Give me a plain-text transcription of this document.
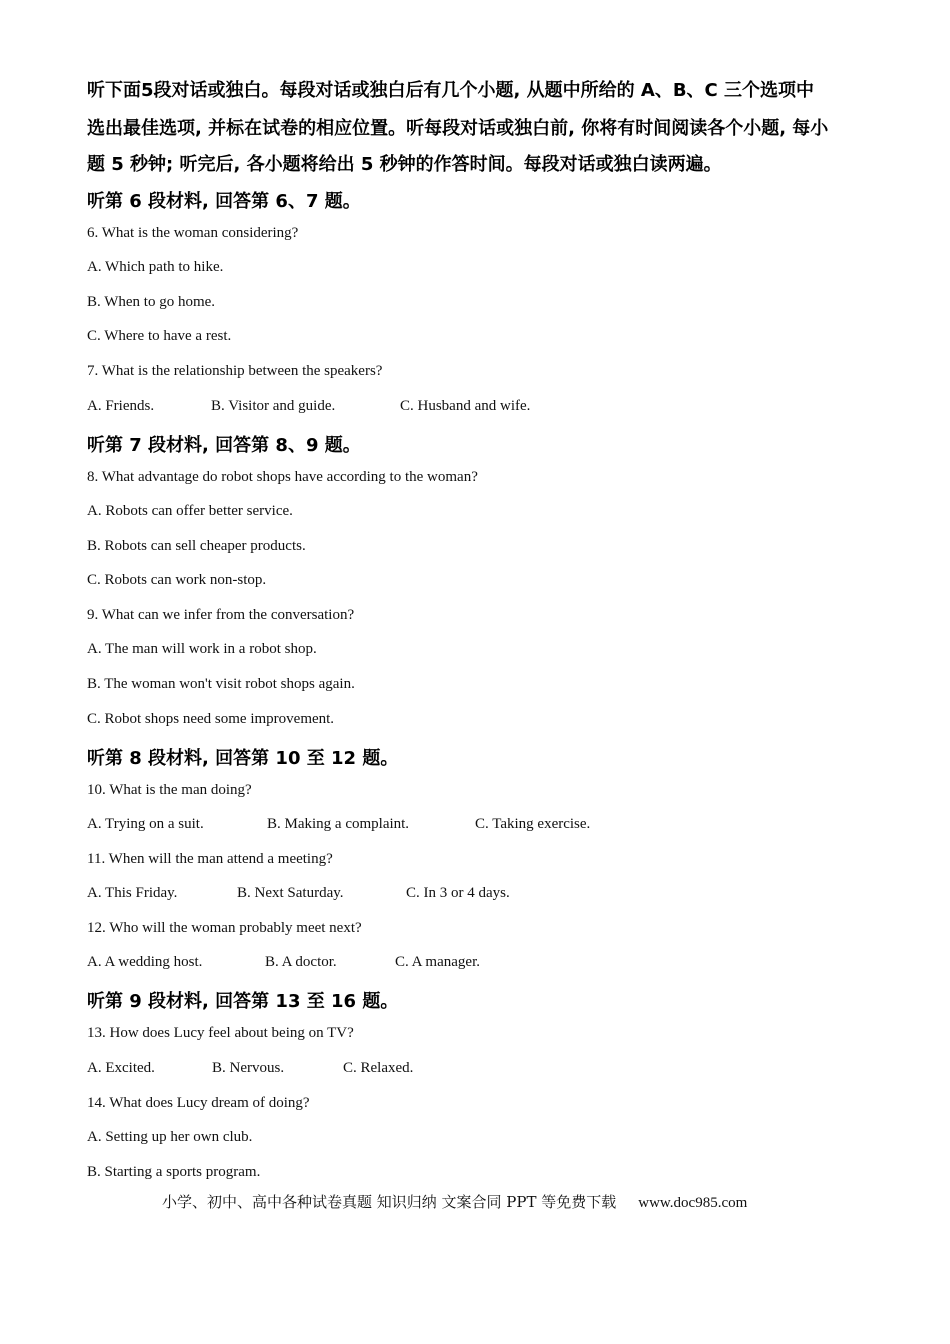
听下面5段对话或独白。每段对话或独白后有几个小题, 从题中所给的 A、B、C 三个选项中
选出最佳选项, 并标在试卷的相应位置。听每段对话或独白前, 你将有时间阅读各个小题, 每小
题 5 秒钟; 听完后, 各小题将给出 5 秒钟的作答时间。每段对话或独白读两遍。
听第 6 段材料, 回答第 6、7 题。
6. What is the woman considering?
A. Which path to hike.
B. When to go home.
C. Where to have a rest.
7. What is the relationship between the speakers?
A. Friends.	B. Visitor and guide.	C. Husband and wife.
听第 7 段材料, 回答第 8、9 题。
8. What advantage do robot shops have according to the woman?
A. Robots can offer better service.
B. Robots can sell cheaper products.
C. Robots can work non-stop.
9. What can we infer from the conversation?
A. The man will work in a robot shop.
B. The woman won't visit robot shops again.
C. Robot shops need some improvement.
听第 8 段材料, 回答第 10 至 12 题。
10. What is the man doing?
A. Trying on a suit.	B. Making a complaint.	C. Taking exercise.
11. When will the man attend a meeting?
A. This Friday.	B. Next Saturday.	C. In 3 or 4 days.
12. Who will the woman probably meet next?
A. A wedding host.	B. A doctor.	C. A manager.
听第 9 段材料, 回答第 13 至 16 题。
13. How does Lucy feel about being on TV?
A. Excited.	B. Nervous.	C. Relaxed.
14. What does Lucy dream of doing?
A. Setting up her own club.
B. Starting a sports program.
小学、初中、高中各种试卷真题 知识归纳 文案合同 PPT 等免费下载 www.doc985.com
